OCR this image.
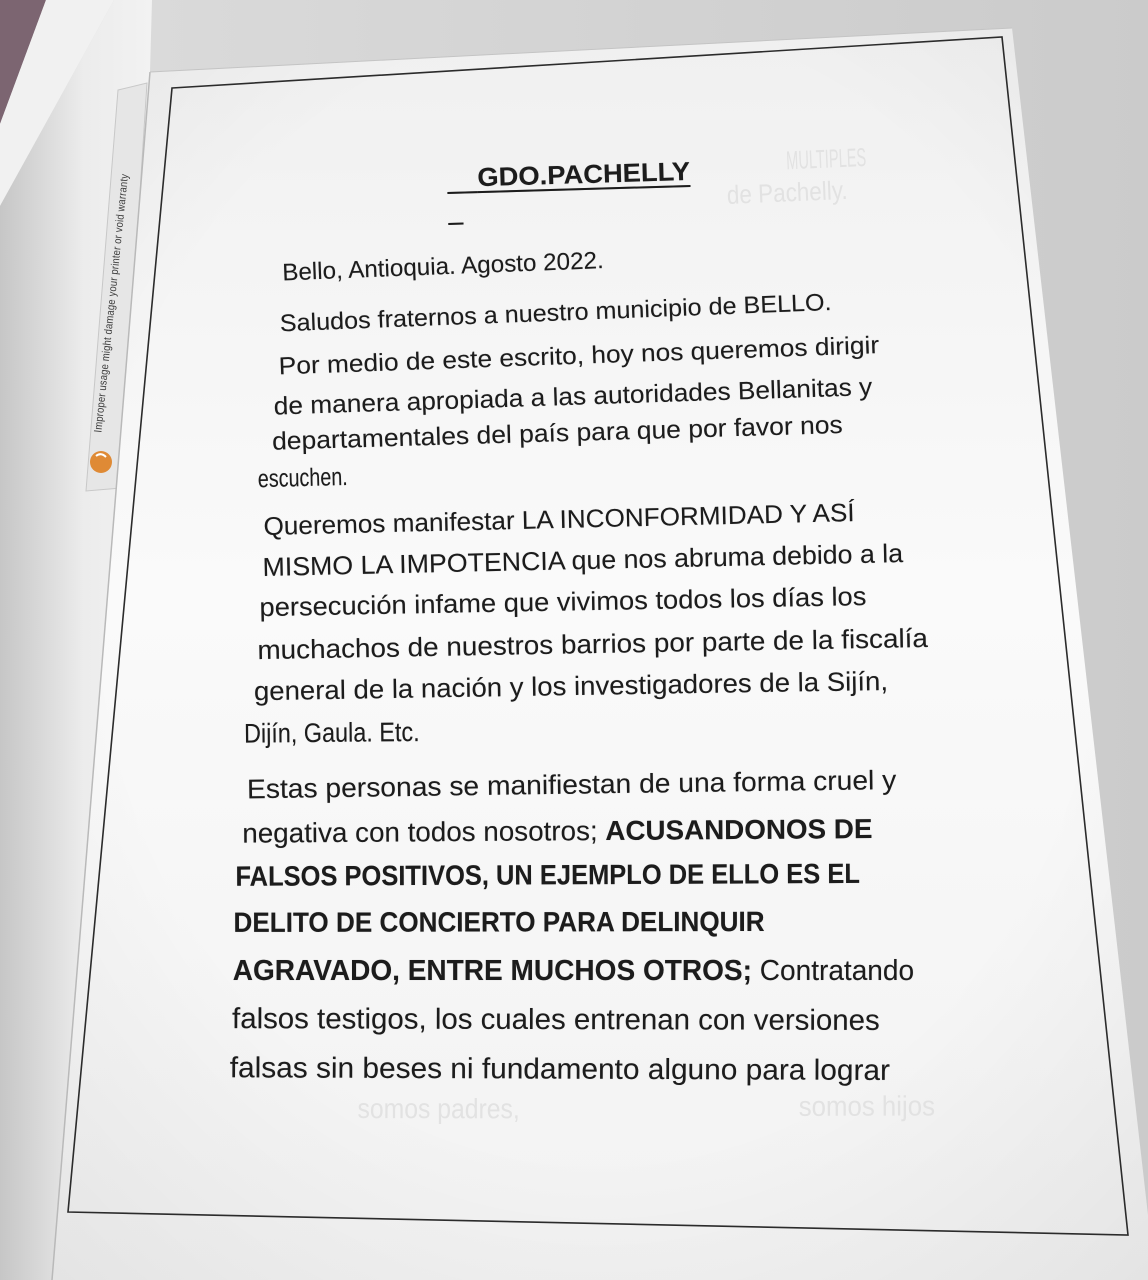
Improper usage might damage your printer or void warranty

MULTIPLES

de Pachelly.

somos padres,
	somos hijos

GDO.PACHELLY

Bello, Antioquia. Agosto 2022.

Saludos fraternos a nuestro municipio de BELLO.

Por medio de este escrito, hoy nos queremos dirigir

de manera apropiada a las autoridades Bellanitas y

departamentales del país para que por favor nos

escuchen.

Queremos manifestar LA INCONFORMIDAD Y ASÍ

MISMO LA IMPOTENCIA que nos abruma debido a la

persecución infame que vivimos todos los días los

muchachos de nuestros barrios por parte de la fiscalía

general de la nación y los investigadores de la Sijín,

Dijín, Gaula. Etc.

Estas personas se manifiestan de una forma cruel y

negativa con todos nosotros; ACUSANDONOS DE

FALSOS POSITIVOS, UN EJEMPLO DE ELLO ES EL

DELITO DE CONCIERTO PARA DELINQUIR

AGRAVADO, ENTRE MUCHOS OTROS; Contratando

falsos testigos, los cuales entrenan con versiones

falsas sin beses ni fundamento alguno para lograr
